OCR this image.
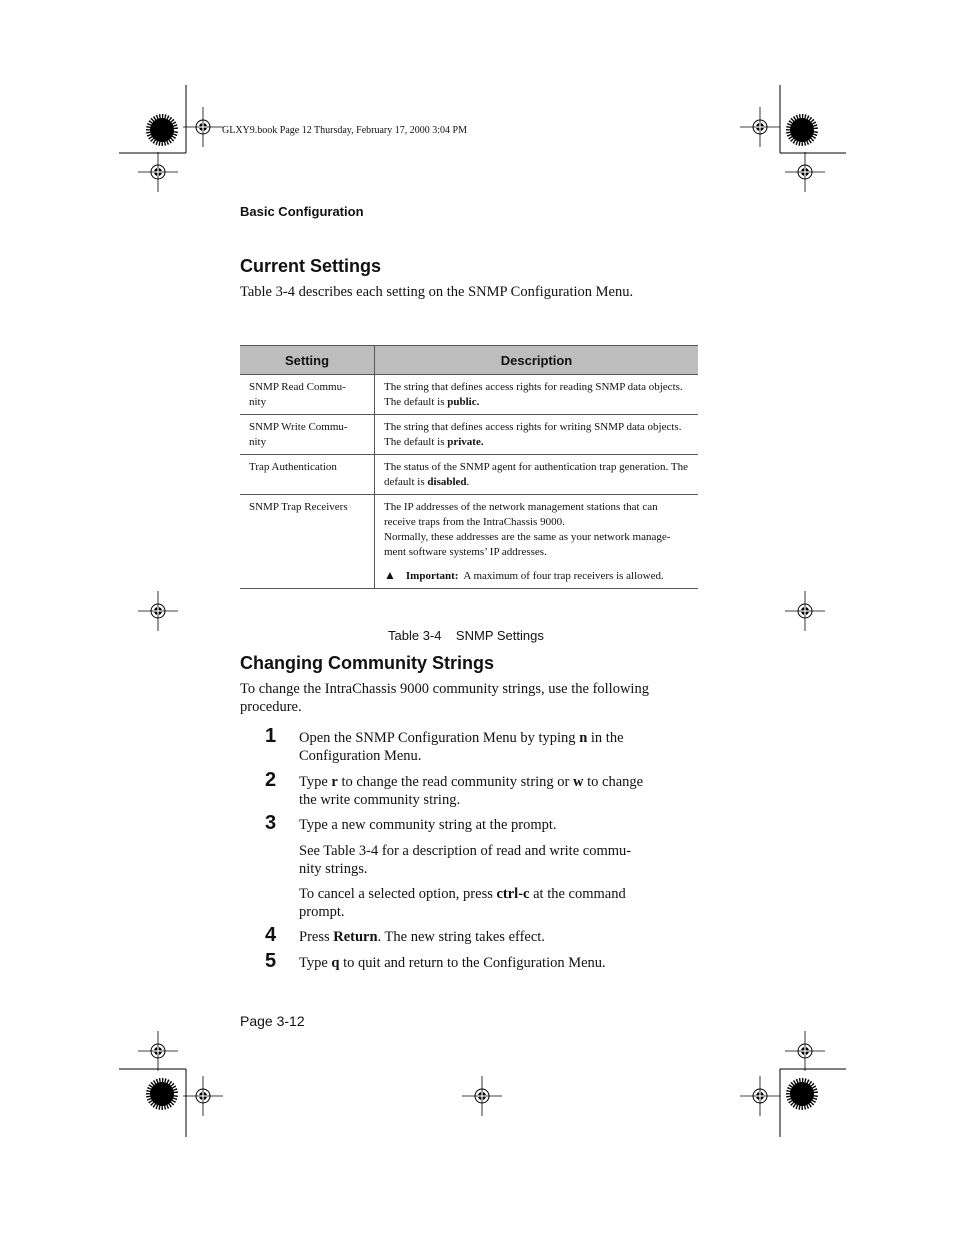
GLXY9.book Page 12 Thursday, February 17, 2000 3:04 PM
Basic Configuration
Current Settings
Table 3-4 describes each setting on the SNMP Configuration Menu.
Setting	Description
SNMP Read Commu-
nity	The string that defines access rights for reading SNMP data objects. The default is public.
SNMP Write Commu-
nity	The string that defines access rights for writing SNMP data objects. The default is private.
Trap Authentication	The status of the SNMP agent for authentication trap generation. The default is disabled.
SNMP Trap Receivers	The IP addresses of the network management stations that can receive traps from the IntraChassis 9000.
Normally, these addresses are the same as your network manage-ment software systems’ IP addresses.
▲ Important: A maximum of four trap receivers is allowed.
Table 3-4    SNMP Settings
Changing Community Strings
To change the IntraChassis 9000 community strings, use the following procedure.
1 Open the SNMP Configuration Menu by typing n in the Configuration Menu.
2 Type r to change the read community string or w to change the write community string.
3 Type a new community string at the prompt.
See Table 3-4 for a description of read and write commu-nity strings.
To cancel a selected option, press ctrl-c at the command prompt.
4 Press Return. The new string takes effect.
5 Type q to quit and return to the Configuration Menu.
Page 3-12
